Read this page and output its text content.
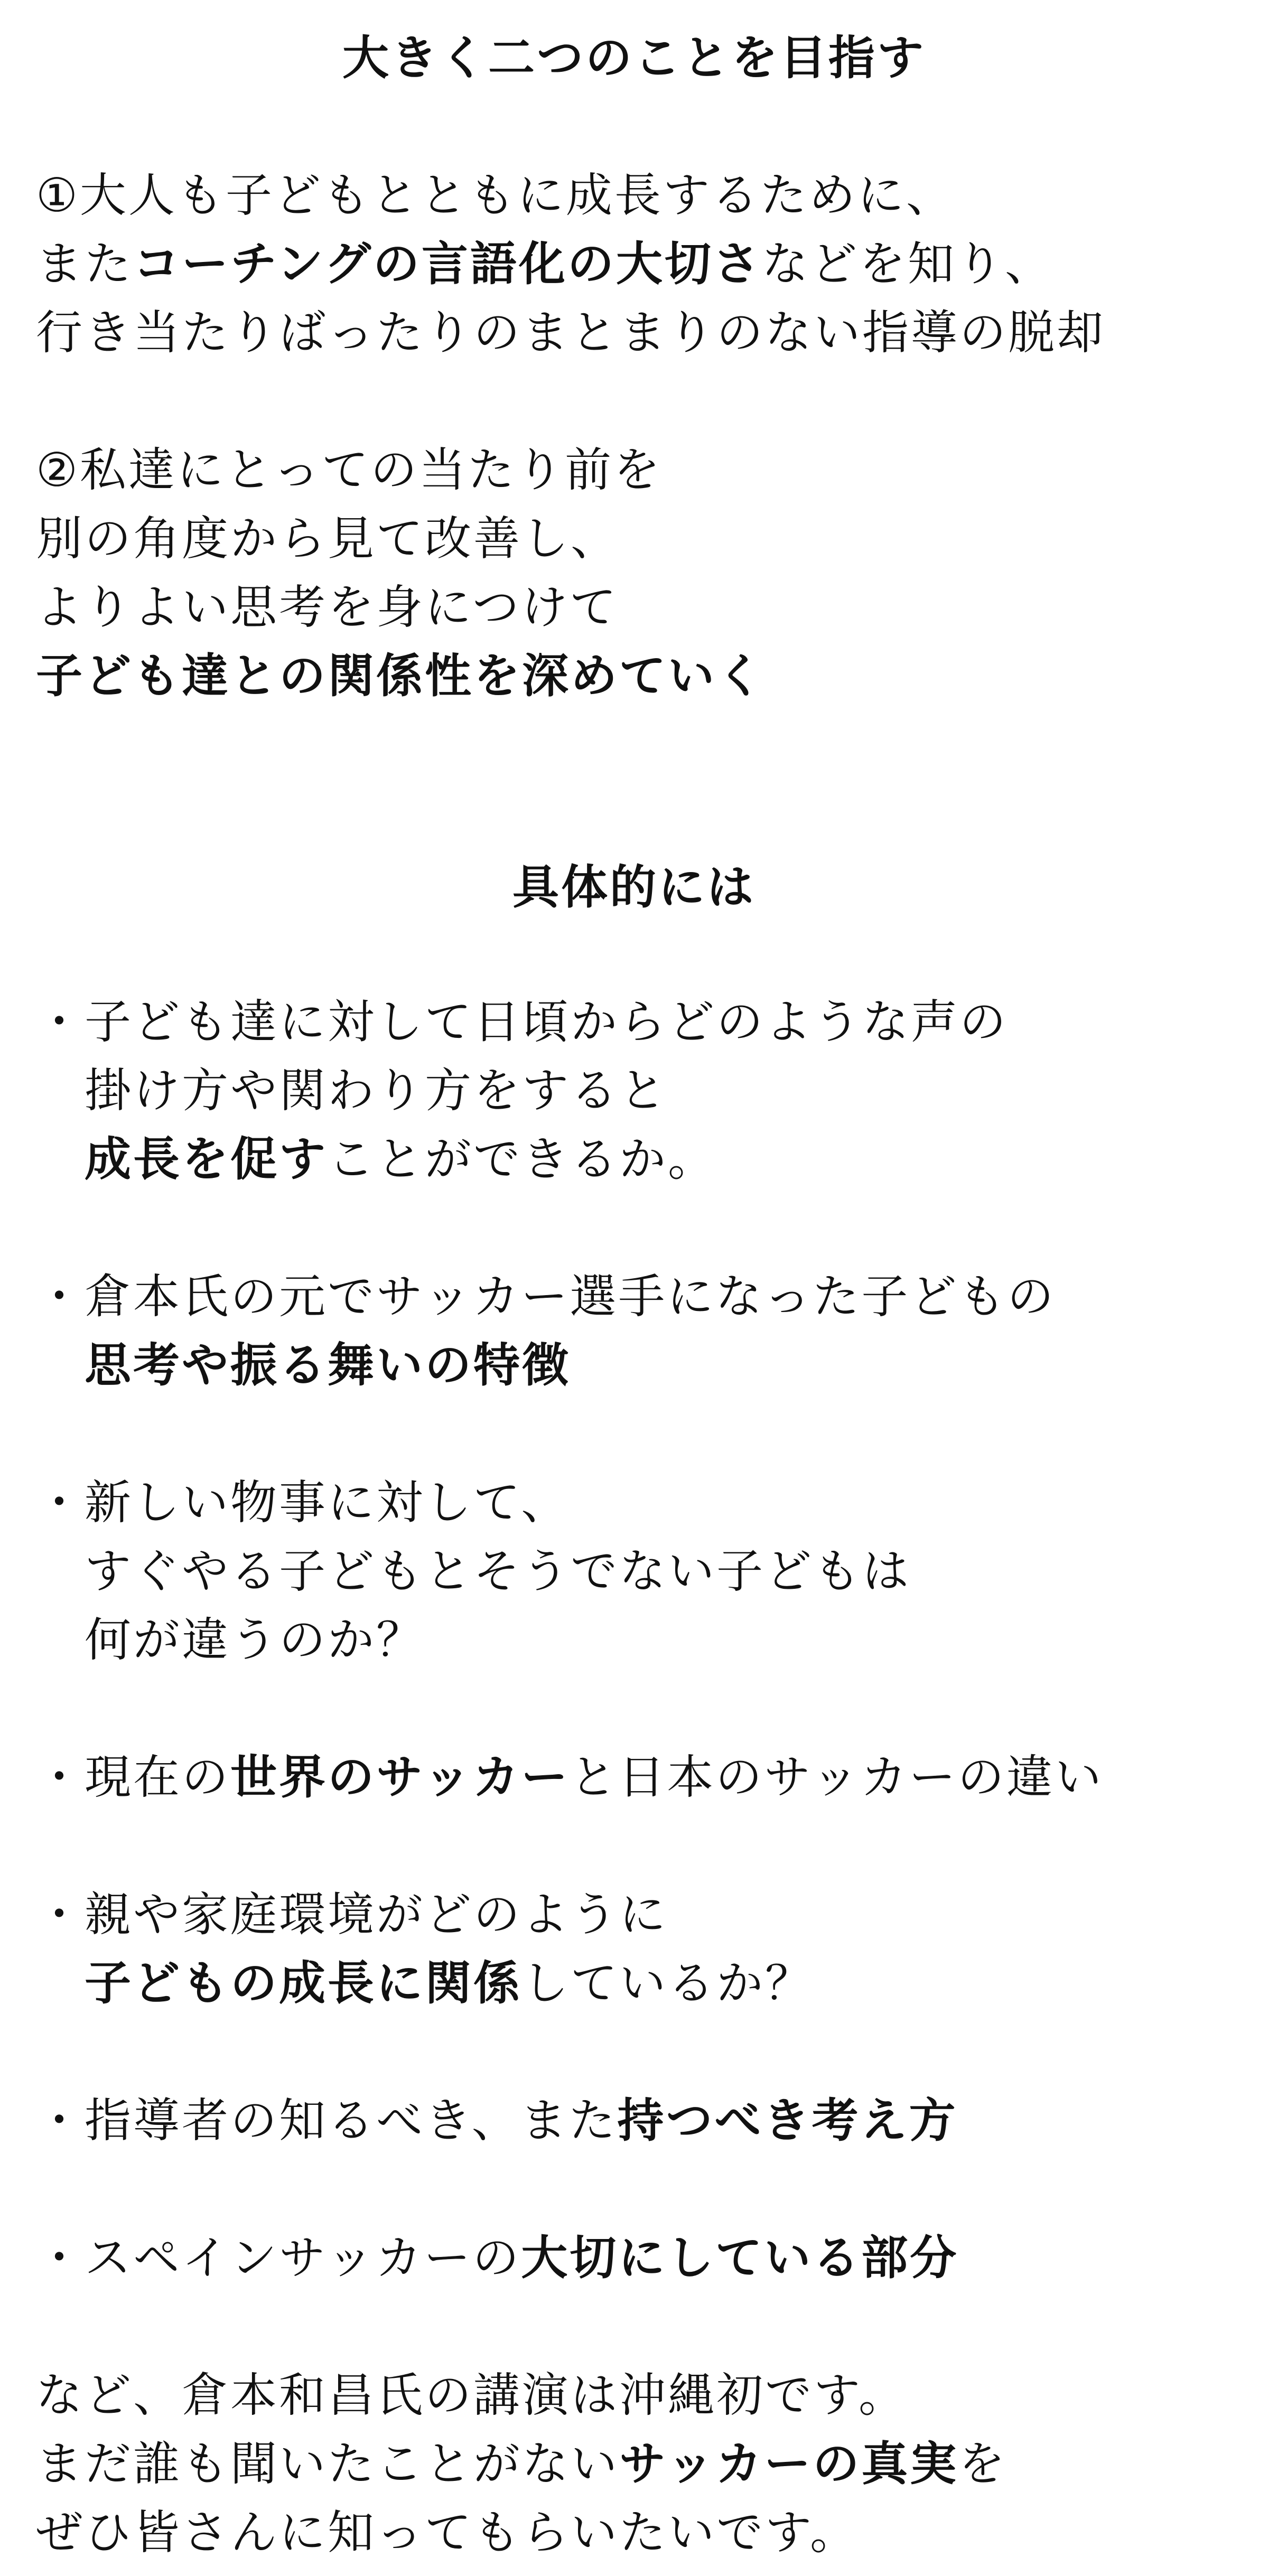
大きく二つのことを目指す
①大人も子どもとともに成長するために、
またコーチングの言語化の大切さなどを知り、
行き当たりばったりのまとまりのない指導の脱却
②私達にとっての当たり前を
別の角度から見て改善し、
よりよい思考を身につけて
子ども達との関係性を深めていく
具体的には
・子ども達に対して日頃からどのような声の
掛け方や関わり方をすると
成長を促すことができるか。
・倉本氏の元でサッカー選手になった子どもの
思考や振る舞いの特徴
・新しい物事に対して、
すぐやる子どもとそうでない子どもは
何が違うのか？
・現在の世界のサッカーと日本のサッカーの違い
・親や家庭環境がどのように
子どもの成長に関係しているか？
・指導者の知るべき、また持つべき考え方
・スペインサッカーの大切にしている部分
など、倉本和昌氏の講演は沖縄初です。
まだ誰も聞いたことがないサッカーの真実を
ぜひ皆さんに知ってもらいたいです。
